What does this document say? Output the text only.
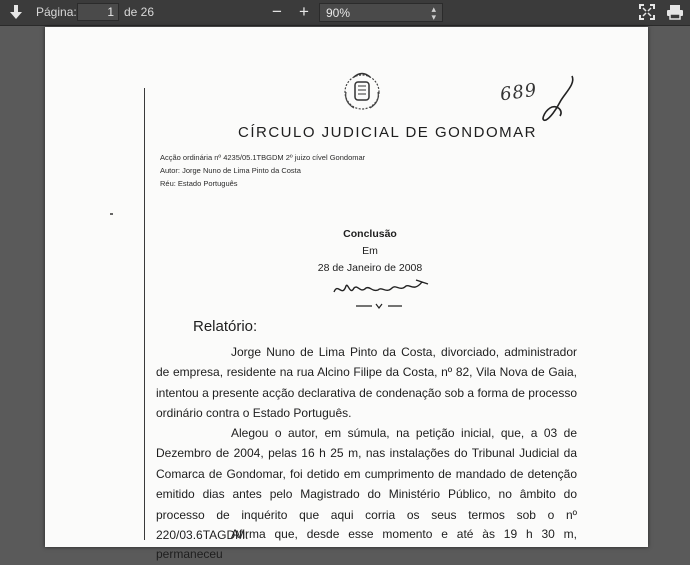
Página:
1	de 26	− +	90%	▴
▾
689
CÍRCULO JUDICIAL DE GONDOMAR
Acção ordinária nº 4235/05.1TBGDM 2º juizo cível Gondomar
Autor: Jorge Nuno de Lima Pinto da Costa
Réu: Estado Português
Conclusão
Em
28 de Janeiro de 2008
Relatório:

Jorge Nuno de Lima Pinto da Costa, divorciado, administrador de empresa, residente na rua Alcino Filipe da Costa, nº 82, Vila Nova de Gaia, intentou a presente acção declarativa de condenação sob a forma de processo ordinário contra o Estado Português.

Alegou o autor, em súmula, na petição inicial, que, a 03 de Dezembro de 2004, pelas 16 h 25 m, nas instalações do Tribunal Judicial da Comarca de Gondomar, foi detido em cumprimento de mandado de detenção emitido dias antes pelo Magistrado do Ministério Público, no âmbito do processo de inquérito que aqui corria os seus termos sob o nº 220/03.6TAGDM.

Afirma que, desde esse momento e até às 19 h 30 m, permaneceu
